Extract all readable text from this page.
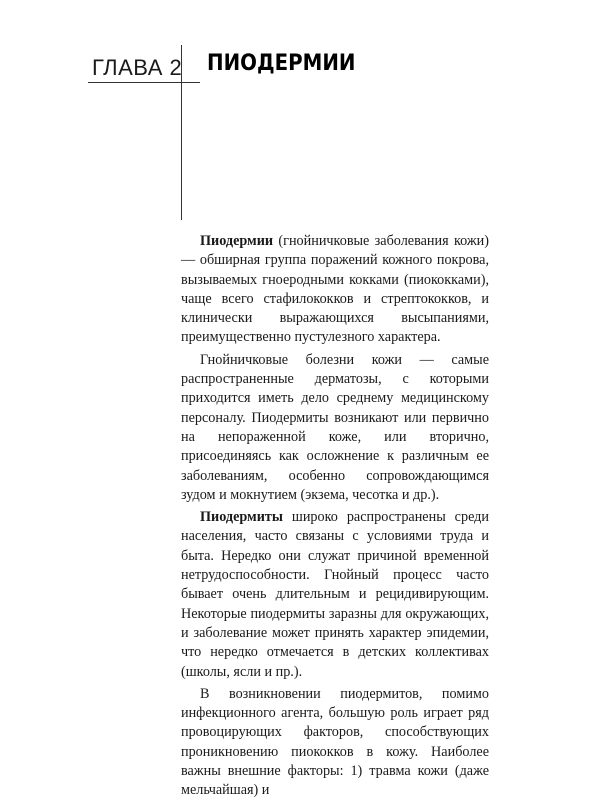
ГЛАВА 2 ПИОДЕРМИИ

Пиодермии (гнойничковые заболевания кожи) — обширная группа поражений кожного покрова, вызываемых гноеродными кокками (пиококками), чаще всего стафилококков и стрептококков, и клинически выражающихся высыпаниями, преимущественно пустулезного характера.

Гнойничковые болезни кожи — самые распространенные дерматозы, с которыми приходится иметь дело среднему медицинскому персоналу. Пиодермиты возникают или первично на непораженной коже, или вторично, присоединяясь как осложнение к различным ее заболеваниям, особенно сопровождающимся зудом и мокнутием (экзема, чесотка и др.).

Пиодермиты широко распространены среди населения, часто связаны с условиями труда и быта. Нередко они служат причиной временной нетрудоспособности. Гнойный процесс часто бывает очень длительным и рецидивирующим. Некоторые пиодермиты заразны для окружающих, и заболевание может принять характер эпидемии, что нередко отмечается в детских коллективах (школы, ясли и пр.).

В возникновении пиодермитов, помимо инфекционного агента, большую роль играет ряд провоцирующих факторов, способствующих проникновению пиококков в кожу. Наиболее важны внешние факторы: 1) травма кожи (даже мельчайшая) и
